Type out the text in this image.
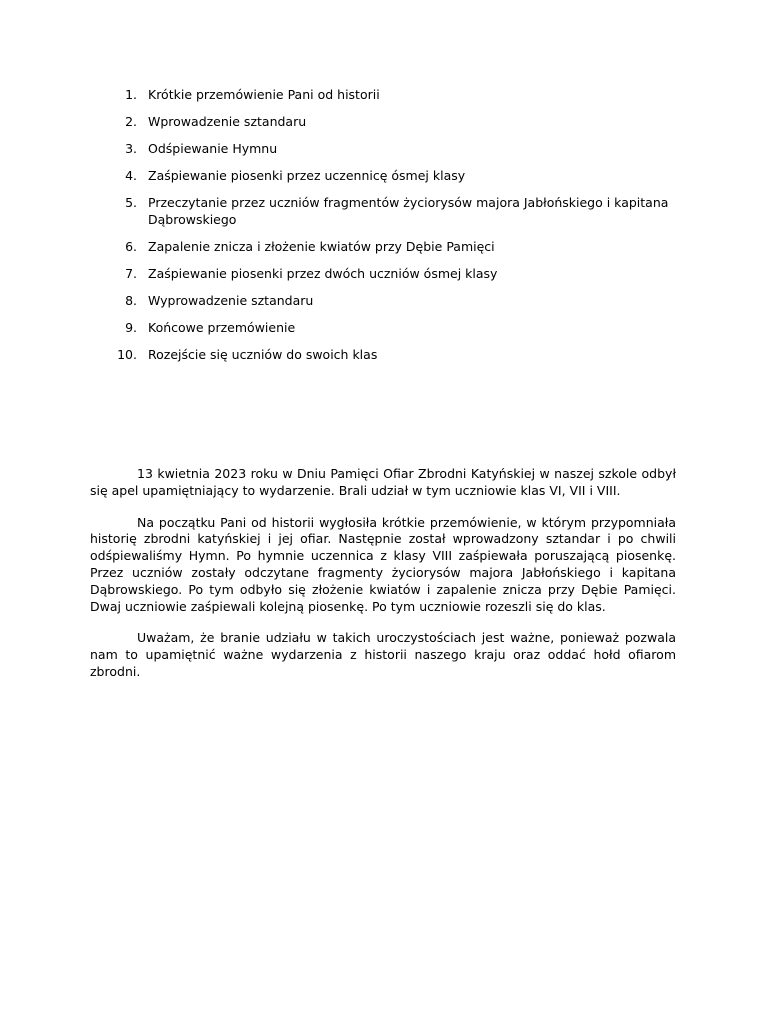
1. Krótkie przemówienie Pani od historii
2. Wprowadzenie sztandaru
3. Odśpiewanie Hymnu
4. Zaśpiewanie piosenki przez uczennicę ósmej klasy
5. Przeczytanie przez uczniów fragmentów życiorysów majora Jabłońskiego i kapitana Dąbrowskiego
6. Zapalenie znicza i złożenie kwiatów przy Dębie Pamięci
7. Zaśpiewanie piosenki przez dwóch uczniów ósmej klasy
8. Wyprowadzenie sztandaru
9. Końcowe przemówienie
10. Rozejście się uczniów do swoich klas

13 kwietnia 2023 roku w Dniu Pamięci Ofiar Zbrodni Katyńskiej w naszej szkole odbył się apel upamiętniający to wydarzenie. Brali udział w tym uczniowie klas VI, VII i VIII.

Na początku Pani od historii wygłosiła krótkie przemówienie, w którym przypomniała historię zbrodni katyńskiej i jej ofiar. Następnie został wprowadzony sztandar i po chwili odśpiewaliśmy Hymn. Po hymnie uczennica z klasy VIII zaśpiewała poruszającą piosenkę. Przez uczniów zostały odczytane fragmenty życiorysów majora Jabłońskiego i kapitana Dąbrowskiego. Po tym odbyło się złożenie kwiatów i zapalenie znicza przy Dębie Pamięci. Dwaj uczniowie zaśpiewali kolejną piosenkę. Po tym uczniowie rozeszli się do klas.

Uważam, że branie udziału w takich uroczystościach jest ważne, ponieważ pozwala nam to upamiętnić ważne wydarzenia z historii naszego kraju oraz oddać hołd ofiarom zbrodni.
